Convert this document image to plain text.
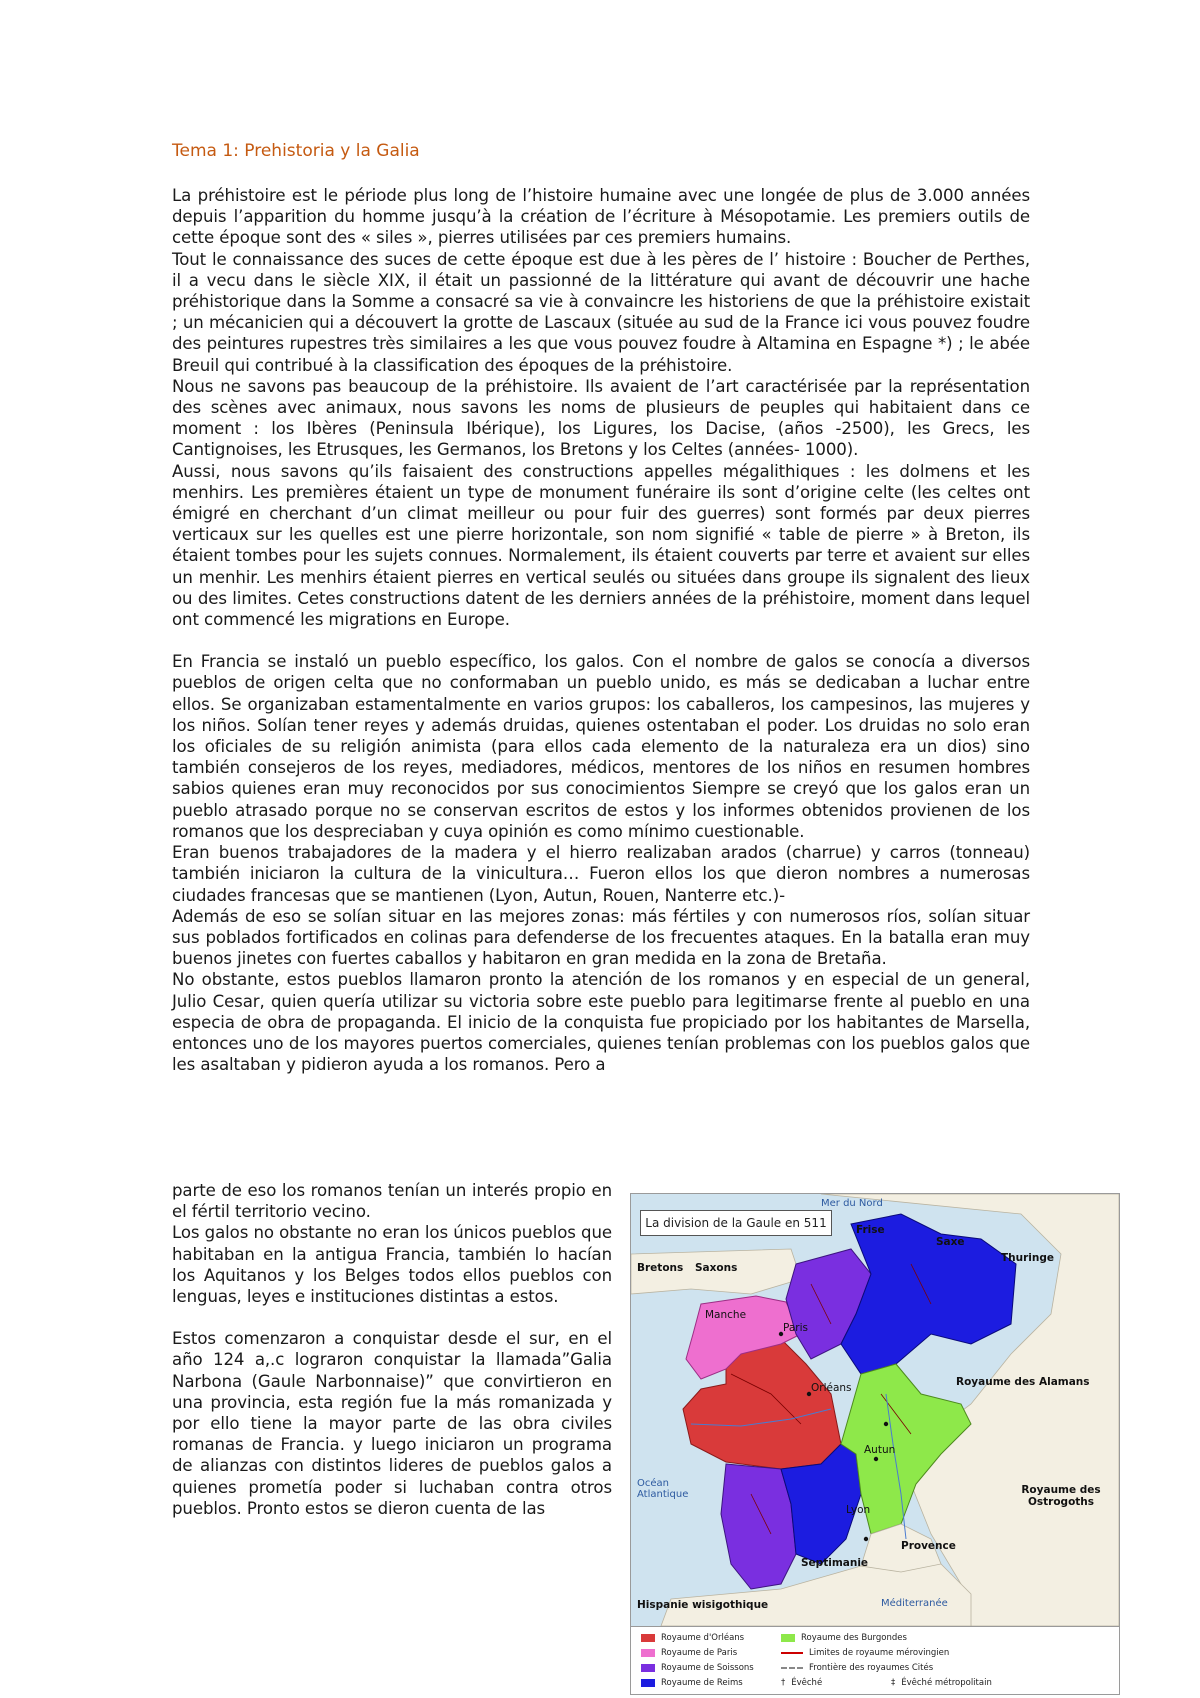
Tema 1: Prehistoria y la Galia

La préhistoire est le période plus long de l’histoire humaine avec une longée de plus de 3.000 années depuis l’apparition du homme jusqu’à la création de l’écriture à Mésopotamie. Les premiers outils de cette époque sont des « siles », pierres utilisées par ces premiers humains.

Tout le connaissance des suces de cette époque est due à les pères de l’ histoire : Boucher de Perthes, il a vecu dans le siècle XIX, il était un passionné de la littérature qui avant de découvrir une hache préhistorique dans la Somme a consacré sa vie à convaincre les historiens de que la préhistoire existait ; un mécanicien qui a découvert la grotte de Lascaux (située au sud de la France ici vous pouvez foudre des peintures rupestres très similaires a les que vous pouvez foudre à Altamina en Espagne *) ; le abée Breuil qui contribué à la classification des époques de la préhistoire.

Nous ne savons pas beaucoup de la préhistoire. Ils avaient de l’art caractérisée par la représentation des scènes avec animaux, nous savons les noms de plusieurs de peuples qui habitaient dans ce moment : los Ibères (Peninsula Ibérique), los Ligures, los Dacise, (años -2500), les Grecs, les Cantignoises, les Etrusques, les Germanos, los Bretons y los Celtes (années- 1000).

Aussi, nous savons qu’ils faisaient des constructions appelles mégalithiques : les dolmens et les menhirs. Les premières étaient un type de monument funéraire ils sont d’origine celte (les celtes ont émigré en cherchant d’un climat meilleur ou pour fuir des guerres) sont formés par deux pierres verticaux sur les quelles est une pierre horizontale, son nom signifié « table de pierre » à Breton, ils étaient tombes pour les sujets connues. Normalement, ils étaient couverts par terre et avaient sur elles un menhir. Les menhirs étaient pierres en vertical seulés ou situées dans groupe ils signalent des lieux ou des limites. Cetes constructions datent de les derniers années de la préhistoire, moment dans lequel ont commencé les migrations en Europe.

En Francia se instaló un pueblo específico, los galos. Con el nombre de galos se conocía a diversos pueblos de origen celta que no conformaban un pueblo unido, es más se dedicaban a luchar entre ellos. Se organizaban estamentalmente en varios grupos: los caballeros, los campesinos, las mujeres y los niños. Solían tener reyes y además druidas, quienes ostentaban el poder. Los druidas no solo eran los oficiales de su religión animista (para ellos cada elemento de la naturaleza era un dios) sino también consejeros de los reyes, mediadores, médicos, mentores de los niños en resumen hombres sabios quienes eran muy reconocidos por sus conocimientos Siempre se creyó que los galos eran un pueblo atrasado porque no se conservan escritos de estos y los informes obtenidos provienen de los romanos que los despreciaban y cuya opinión es como mínimo cuestionable.

Eran buenos trabajadores de la madera y el hierro realizaban arados (charrue) y carros (tonneau) también iniciaron la cultura de la vinicultura… Fueron ellos los que dieron nombres a numerosas ciudades francesas que se mantienen (Lyon, Autun, Rouen, Nanterre etc.)-

Además de eso se solían situar en las mejores zonas: más fértiles y con numerosos ríos, solían situar sus poblados fortificados en colinas para defenderse de los frecuentes ataques. En la batalla eran muy buenos jinetes con fuertes caballos y habitaron en gran medida en la zona de Bretaña.

No obstante, estos pueblos llamaron pronto la atención de los romanos y en especial de un general, Julio Cesar, quien quería utilizar su victoria sobre este pueblo para legitimarse frente al pueblo en una especia de obra de propaganda. El inicio de la conquista fue propiciado por los habitantes de Marsella, entonces uno de los mayores puertos comerciales, quienes tenían problemas con los pueblos galos que les asaltaban y pidieron ayuda a los romanos. Pero a

parte de eso los romanos tenían un interés propio en el fértil territorio vecino.

Los galos no obstante no eran los únicos pueblos que habitaban en la antigua Francia, también lo hacían los Aquitanos y los Belges todos ellos pueblos con lenguas, leyes e instituciones distintas a estos.

Estos comenzaron a conquistar desde el sur, en el año 124 a,.c lograron conquistar la llamada”Galia Narbona (Gaule Narbonnaise)” que convirtieron en una provincia, esta región fue la más romanizada y por ello tiene la mayor parte de las obra civiles romanas de Francia. y luego iniciaron un programa de alianzas con distintos lideres de pueblos galos a quienes prometía poder si luchaban contra otros pueblos. Pronto estos se dieron cuenta de las

La division de la Gaule en 511
Mer du Nord
Frise
Saxe
Thuringe
Bretons Saxons
Manche
Royaume des Alamans
Océan Atlantique	Royaume des Ostrogoths
Provence
Septimanie
Hispanie wisigothique	Méditerranée
Paris
Orléans
Autun
Lyon
Royaume d'Orléans
Royaume de Paris
Royaume de Soissons
Royaume de Reims
Royaume des Burgondes
Limites de royaume mérovingien
Frontière des royaumes Cités
† Évêché	‡ Évêché métropolitain
